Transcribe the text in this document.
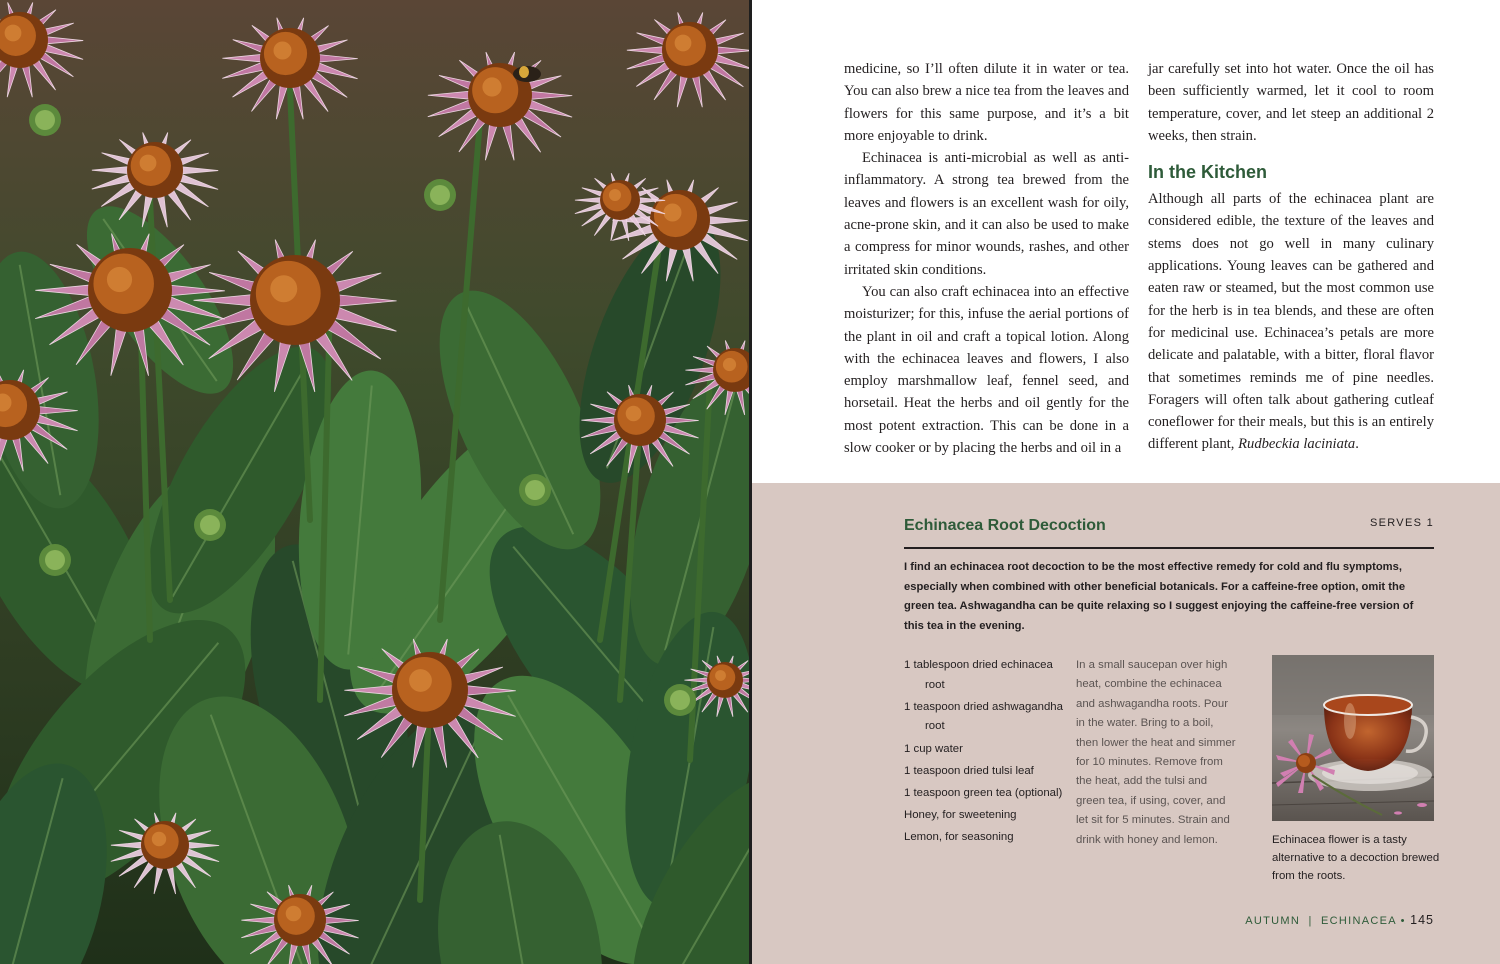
medicine, so I’ll often dilute it in water or tea. You can also brew a nice tea from the leaves and flowers for this same purpose, and it’s a bit more enjoyable to drink.

Echinacea is anti-microbial as well as anti-inflammatory. A strong tea brewed from the leaves and flowers is an excellent wash for oily, acne-prone skin, and it can also be used to make a compress for minor wounds, rashes, and other irritated skin conditions.

You can also craft echinacea into an effective moisturizer; for this, infuse the aerial portions of the plant in oil and craft a topical lotion. Along with the echinacea leaves and flowers, I also employ marshmallow leaf, fennel seed, and horsetail. Heat the herbs and oil gently for the most potent extraction. This can be done in a slow cooker or by placing the herbs and oil in a

jar carefully set into hot water. Once the oil has been sufficiently warmed, let it cool to room temperature, cover, and let steep an additional 2 weeks, then strain.

In the Kitchen

Although all parts of the echinacea plant are considered edible, the texture of the leaves and stems does not go well in many culinary applications. Young leaves can be gathered and eaten raw or steamed, but the most common use for the herb is in tea blends, and these are often for medicinal use. Echinacea’s petals are more delicate and palatable, with a bitter, floral flavor that sometimes reminds me of pine needles. Foragers will often talk about gathering cutleaf coneflower for their meals, but this is an entirely different plant, Rudbeckia laciniata.

Echinacea Root Decoction	SERVES 1
I find an echinacea root decoction to be the most effective remedy for cold and flu symptoms, especially when combined with other beneficial botanicals. For a caffeine-free option, omit the green tea. Ashwagandha can be quite relaxing so I suggest enjoying the caffeine-free version of this tea in the evening.
1 tablespoon dried echinacea root
1 teaspoon dried ashwagandha root
1 cup water
1 teaspoon dried tulsi leaf
1 teaspoon green tea (optional)
Honey, for sweetening
Lemon, for seasoning
In a small saucepan over high heat, combine the echinacea and ashwagandha roots. Pour in the water. Bring to a boil, then lower the heat and simmer for 10 minutes. Remove from the heat, add the tulsi and green tea, if using, cover, and let sit for 5 minutes. Strain and drink with honey and lemon.	Echinacea flower is a tasty alternative to a decoction brewed from the roots.
AUTUMN | ECHINACEA • 145
